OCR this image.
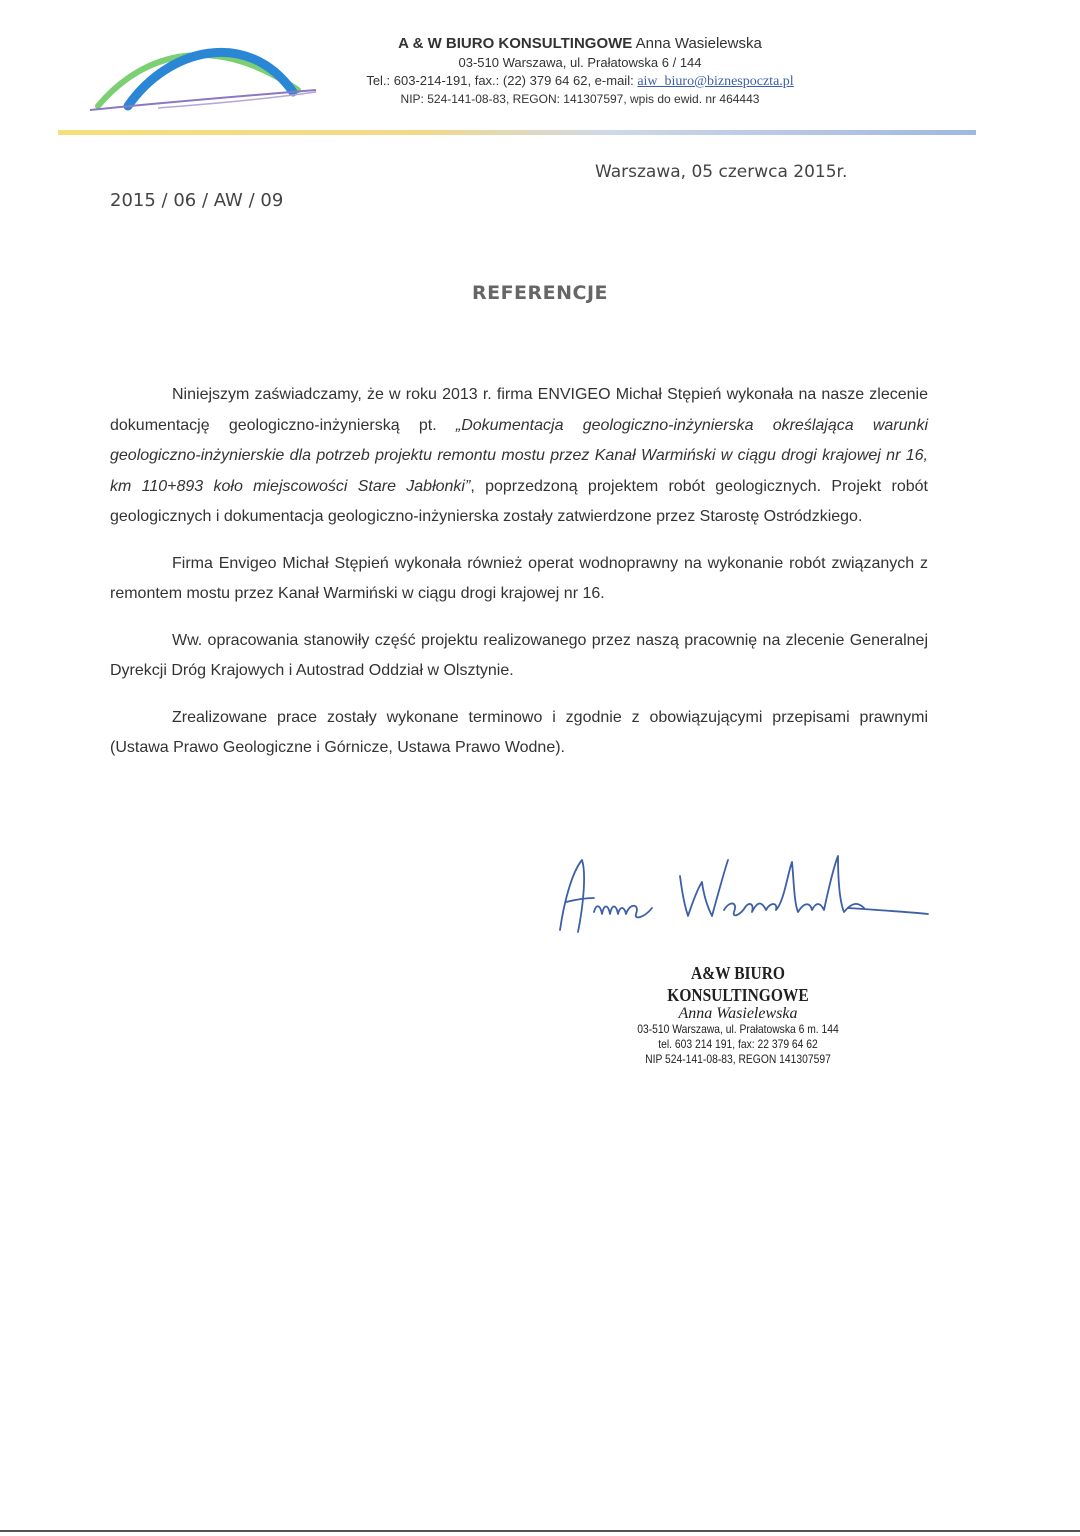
A & W BIURO KONSULTINGOWE Anna Wasielewska
03-510 Warszawa, ul. Prałatowska 6 / 144
Tel.: 603-214-191, fax.: (22) 379 64 62, e-mail: aiw_biuro@biznespoczta.pl
NIP: 524-141-08-83, REGON: 141307597, wpis do ewid. nr 464443
Warszawa, 05 czerwca 2015r.
2015 / 06 / AW / 09
REFERENCJE

Niniejszym zaświadczamy, że w roku 2013 r. firma ENVIGEO Michał Stępień wykonała na nasze zlecenie dokumentację geologiczno-inżynierską pt. „Dokumentacja geologiczno-inżynierska określająca warunki geologiczno-inżynierskie dla potrzeb projektu remontu mostu przez Kanał Warmiński w ciągu drogi krajowej nr 16, km 110+893 koło miejscowości Stare Jabłonki”, poprzedzoną projektem robót geologicznych. Projekt robót geologicznych i dokumentacja geologiczno-inżynierska zostały zatwierdzone przez Starostę Ostródzkiego.

Firma Envigeo Michał Stępień wykonała również operat wodnoprawny na wykonanie robót związanych z remontem mostu przez Kanał Warmiński w ciągu drogi krajowej nr 16.

Ww. opracowania stanowiły część projektu realizowanego przez naszą pracownię na zlecenie Generalnej Dyrekcji Dróg Krajowych i Autostrad Oddział w Olsztynie.

Zrealizowane prace zostały wykonane terminowo i zgodnie z obowiązującymi przepisami prawnymi (Ustawa Prawo Geologiczne i Górnicze, Ustawa Prawo Wodne).

A&W BIURO KONSULTINGOWE
Anna Wasielewska
03-510 Warszawa, ul. Prałatowska 6 m. 144
tel. 603 214 191, fax: 22 379 64 62
NIP 524-141-08-83, REGON 141307597
